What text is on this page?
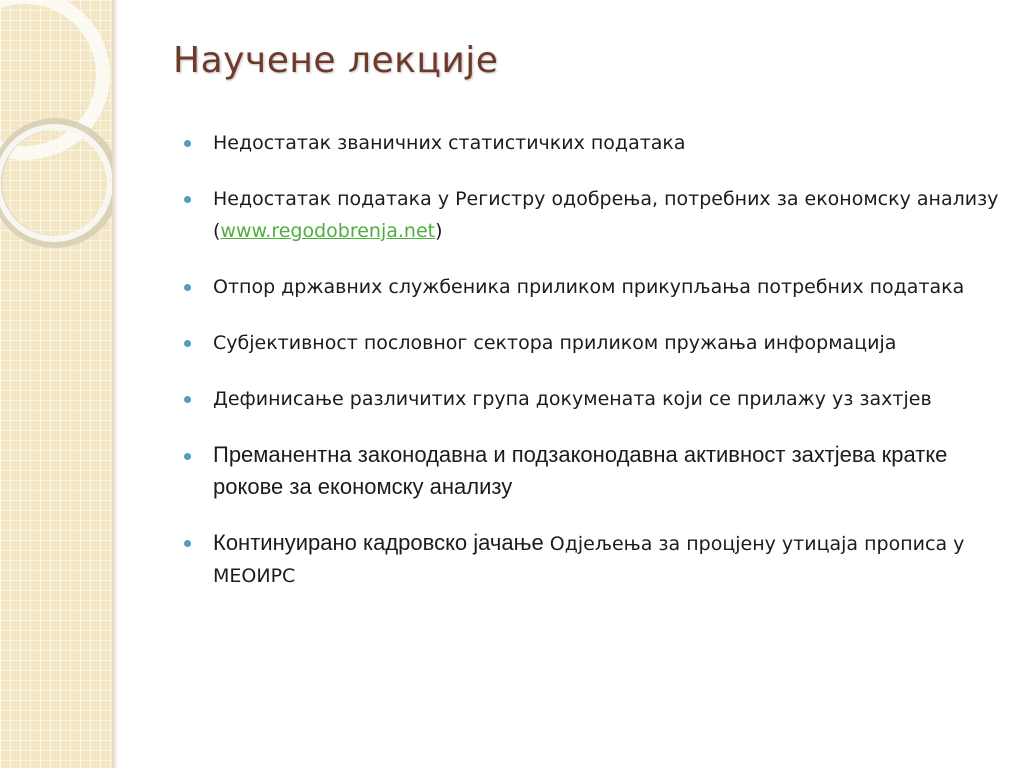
Научене лекције
Недостатак званичних статистичких података
Недостатак података у Регистру одобрења, потребних за економску анализу (www.regodobrenja.net)
Отпор државних службеника приликом прикупљања потребних података
Субјективност пословног сектора приликом пружања информација
Дефинисање различитих група докумената који се прилажу уз захтјев
Преманентна законодавна и подзаконодавна активност захтјева кратке рокове за економску анализу
Континуирано кадровско јачање Одјељења за процјену утицаја прописа у МЕОИРС
